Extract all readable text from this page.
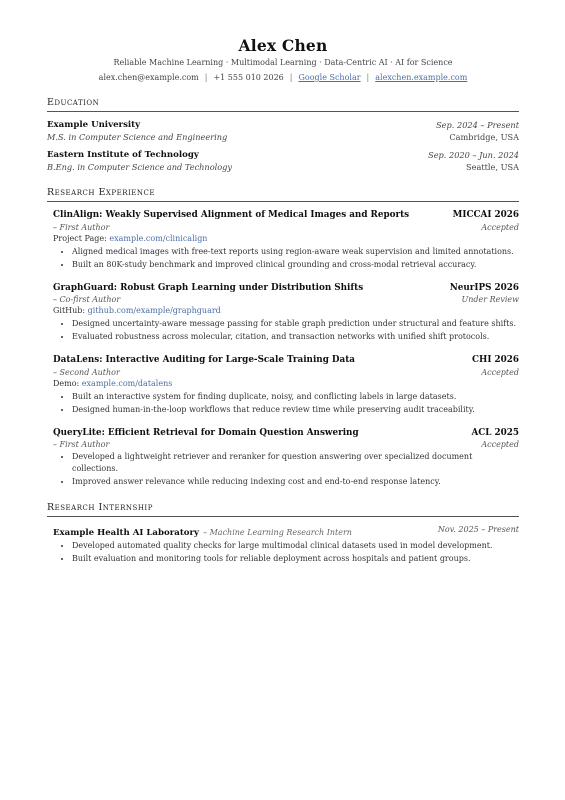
Alex Chen
Reliable Machine Learning · Multimodal Learning · Data-Centric AI · AI for Science
alex.chen@example.com | +1 555 010 2026 | Google Scholar | alexchen.example.com
Education
Example University	Sep. 2024 – Present
M.S. in Computer Science and Engineering	Cambridge, USA
Eastern Institute of Technology	Sep. 2020 – Jun. 2024
B.Eng. in Computer Science and Technology	Seattle, USA
Research Experience
ClinAlign: Weakly Supervised Alignment of Medical Images and Reports	MICCAI 2026
– First Author	Accepted
Project Page: example.com/clinicalign
• Aligned medical images with free-text reports using region-aware weak supervision and limited annotations.
• Built an 80K-study benchmark and improved clinical grounding and cross-modal retrieval accuracy.
GraphGuard: Robust Graph Learning under Distribution Shifts	NeurIPS 2026
– Co-first Author	Under Review
GitHub: github.com/example/graphguard
• Designed uncertainty-aware message passing for stable graph prediction under structural and feature shifts.
• Evaluated robustness across molecular, citation, and transaction networks with unified shift protocols.
DataLens: Interactive Auditing for Large-Scale Training Data	CHI 2026
– Second Author	Accepted
Demo: example.com/datalens
• Built an interactive system for finding duplicate, noisy, and conflicting labels in large datasets.
• Designed human-in-the-loop workflows that reduce review time while preserving audit traceability.
QueryLite: Efficient Retrieval for Domain Question Answering	ACL 2025
– First Author	Accepted
• Developed a lightweight retriever and reranker for question answering over specialized document collections.
• Improved answer relevance while reducing indexing cost and end-to-end response latency.
Research Internship
Example Health AI Laboratory – Machine Learning Research Intern	Nov. 2025 – Present
• Developed automated quality checks for large multimodal clinical datasets used in model development.
• Built evaluation and monitoring tools for reliable deployment across hospitals and patient groups.
